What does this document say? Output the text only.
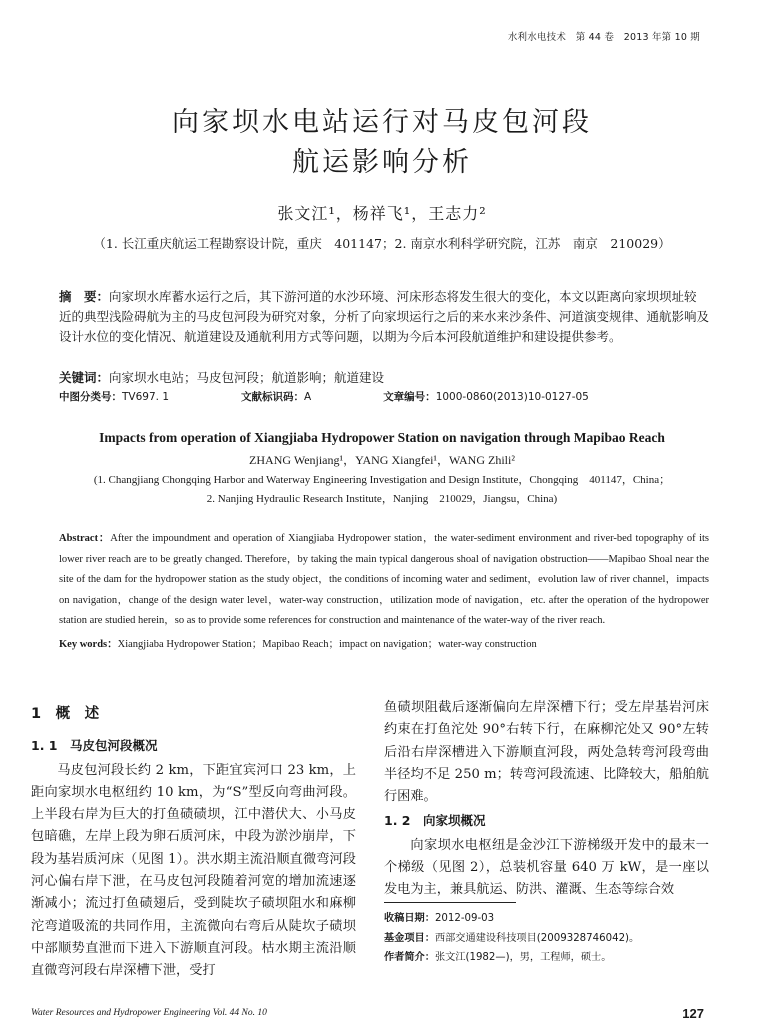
水利水电技术　第 44 卷　2013 年第 10 期
向家坝水电站运行对马皮包河段
航运影响分析
张文江¹，杨祥飞¹，王志力²
（1. 长江重庆航运工程勘察设计院，重庆　401147；2. 南京水利科学研究院，江苏　南京　210029）
摘　要：向家坝水库蓄水运行之后，其下游河道的水沙环境、河床形态将发生很大的变化，本文以距离向家坝坝址较近的典型浅险碍航为主的马皮包河段为研究对象，分析了向家坝运行之后的来水来沙条件、河道演变规律、通航影响及设计水位的变化情况、航道建设及通航利用方式等问题，以期为今后本河段航道维护和建设提供参考。
关键词：向家坝水电站；马皮包河段；航道影响；航道建设
中图分类号：TV697. 1	文献标识码：A	文章编号：1000-0860(2013)10-0127-05
Impacts from operation of Xiangjiaba Hydropower Station on navigation through Mapibao Reach
ZHANG Wenjiang¹，YANG Xiangfei¹，WANG Zhili²
(1. Changjiang Chongqing Harbor and Waterway Engineering Investigation and Design Institute，Chongqing　401147，China；
2. Nanjing Hydraulic Research Institute，Nanjing　210029，Jiangsu，China)
Abstract：After the impoundment and operation of Xiangjiaba Hydropower station，the water-sediment environment and river-bed topography of its lower river reach are to be greatly changed. Therefore，by taking the main typical dangerous shoal of navigation obstruction——Mapibao Shoal near the site of the dam for the hydropower station as the study object，the conditions of incoming water and sediment，evolution law of river channel，impacts on navigation，change of the design water level，water-way construction，utilization mode of navigation，etc. after the operation of the hydropower station are studied herein，so as to provide some references for construction and maintenance of the water-way of the river reach.
Key words：Xiangjiaba Hydropower Station；Mapibao Reach；impact on navigation；water-way construction
1　概　述
1. 1　马皮包河段概况

马皮包河段长约 2 km，下距宜宾河口 23 km，上距向家坝水电枢纽约 10 km，为“S”型反向弯曲河段。上半段右岸为巨大的打鱼碛碛坝，江中潜伏大、小马皮包暗礁，左岸上段为卵石质河床，中段为淤沙崩岸，下段为基岩质河床（见图 1）。洪水期主流沿顺直微弯河段河心偏右岸下泄，在马皮包河段随着河宽的增加流速逐渐减小；流过打鱼碛翅后，受到陡坎子碛坝阻水和麻柳沱弯道吸流的共同作用，主流微向右弯后从陡坎子碛坝中部顺势直泄而下进入下游顺直河段。枯水期主流沿顺直微弯河段右岸深槽下泄，受打

鱼碛坝阻截后逐渐偏向左岸深槽下行；受左岸基岩河床约束在打鱼沱处 90°右转下行，在麻柳沱处又 90°左转后沿右岸深槽进入下游顺直河段，两处急转弯河段弯曲半径均不足 250 m；转弯河段流速、比降较大，船舶航行困难。

1. 2　向家坝概况

向家坝水电枢纽是金沙江下游梯级开发中的最末一个梯级（见图 2），总装机容量 640 万 kW，是一座以发电为主，兼具航运、防洪、灌溉、生态等综合效

收稿日期：2012-09-03
基金项目：西部交通建设科技项目(2009328746042)。
作者简介：张文江(1982—)，男，工程师，硕士。
Water Resources and Hydropower Engineering Vol. 44 No. 10	127
